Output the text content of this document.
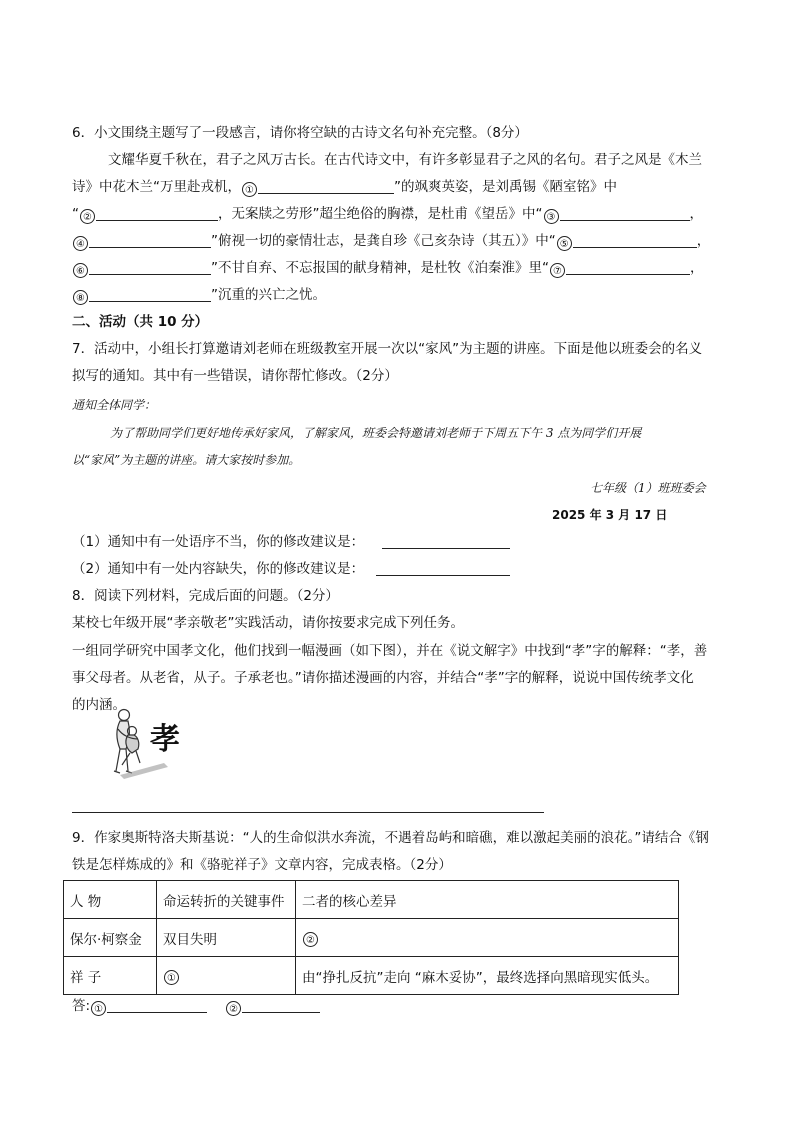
6．小文围绕主题写了一段感言，请你将空缺的古诗文名句补充完整。（8分）
文耀华夏千秋在，君子之风万古长。在古代诗文中，有许多彰显君子之风的名句。君子之风是《木兰
诗》中花木兰“万里赴戎机， ①	”的飒爽英姿，是刘禹锡《陋室铭》中
“ ②	，无案牍之劳形”超尘绝俗的胸襟，是杜甫《望岳》中“ ③	，
④	”俯视一切的豪情壮志，是龚自珍《己亥杂诗（其五）》中“ ⑤	，
⑥	”不甘自弃、不忘报国的献身精神，是杜牧《泊秦淮》里“ ⑦	，
⑧	”沉重的兴亡之忧。
二、活动（共 10 分）
7．活动中，小组长打算邀请刘老师在班级教室开展一次以“家风”为主题的讲座。下面是他以班委会的名义
拟写的通知。其中有一些错误，请你帮忙修改。（2分）
通知全体同学：
为了帮助同学们更好地传承好家风，了解家风，班委会特邀请刘老师于下周五下午 3 点为同学们开展
以“家风”为主题的讲座。请大家按时参加。
七年级（1）班班委会
2025 年 3 月 17 日
（1）通知中有一处语序不当，你的修改建议是：
（2）通知中有一处内容缺失，你的修改建议是：
8．阅读下列材料，完成后面的问题。（2分）
某校七年级开展“孝亲敬老”实践活动，请你按要求完成下列任务。
一组同学研究中国孝文化，他们找到一幅漫画（如下图），并在《说文解字》中找到“孝”字的解释：“孝，善
事父母者。从老省，从子。子承老也。”请你描述漫画的内容，并结合“孝”字的解释，说说中国传统孝文化
的内涵。
孝
9．作家奥斯特洛夫斯基说：“人的生命似洪水奔流，不遇着岛屿和暗礁，难以激起美丽的浪花。”请结合《钢
铁是怎样炼成的》和《骆驼祥子》文章内容，完成表格。（2分）
人 物	命运转折的关键事件	二者的核心差异
保尔·柯察金	双目失明	②
祥 子	①	由“挣扎反抗”走向 “麻木妥协”，最终选择向黑暗现实低头。
答: ①	②
